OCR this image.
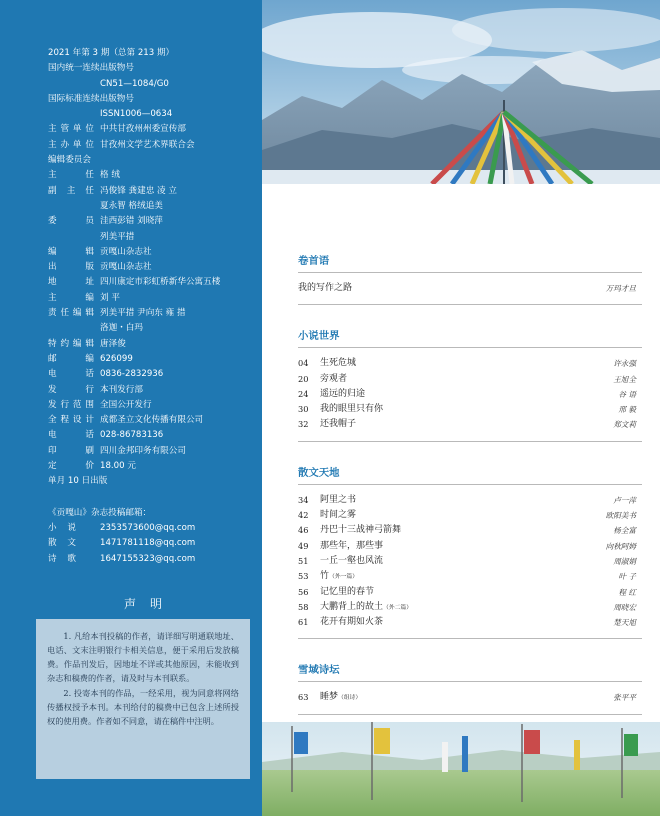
2021 年第 3 期（总第 213 期）
国内统一连续出版物号
CN51—1084/G0
国际标准连续出版物号
ISSN1006—0634
主管单位 中共甘孜州州委宣传部
主办单位 甘孜州文学艺术界联合会
编辑委员会
主任 格 绒
副主任 冯俊锋 龚建忠 凌 立
夏永智 格绒追美
委员 洼西彭错 刘晓萍
列美平措
编辑 贡嘎山杂志社
出版 贡嘎山杂志社
地址 四川康定市彩虹桥新华公寓五楼
主编 刘 平
责任编辑 列美平措 尹向东 雍 措
洛迦・白玛
特约编辑 唐泽俊
邮编 626099
电话 0836-2832936
发行 本刊发行部
发行范围 全国公开发行
全程设计 成都圣立文化传播有限公司
电话 028-86783136
印刷 四川金邦印务有限公司
定价 18.00 元
单月 10 日出版
《贡嘎山》杂志投稿邮箱：
小说	2353573600@qq.com
散文	1471781118@qq.com
诗歌	1647155323@qq.com
声明

1. 凡给本刊投稿的作者，请详细写明通联地址、电话、文末注明银行卡相关信息，便于采用后发放稿费。作品刊发后，因地址不详或其他原因，未能收到杂志和稿费的作者，请及时与本刊联系。

2. 投寄本刊的作品，一经采用，视为同意将网络传播权授予本刊。本刊给付的稿费中已包含上述所授权的使用费。作者如不同意，请在稿件中注明。

卷首语
我的写作之路	万玛才旦
小说世界
04	生死危城	许永强
20	旁观者	王旭全
24	遥远的归途	谷 语
30	我的眼里只有你	邢 毅
32	还我帽子	郑文莉
散文天地
34	阿里之书	卢一萍
42	时间之雾	欧阳美书
46	丹巴十三战神弓箭舞	杨全富
49	那些年，那些事	向秋阿姆
51	一丘一壑也风流	周淑娟
53	竹（外一篇）	叶 子
56	记忆里的春节	程 红
58	大鹏背上的故土（外二篇）	周晓宏
61	花开有期如火茶	楚天旭
雪域诗坛
63	睡梦（组诗）	张平平
